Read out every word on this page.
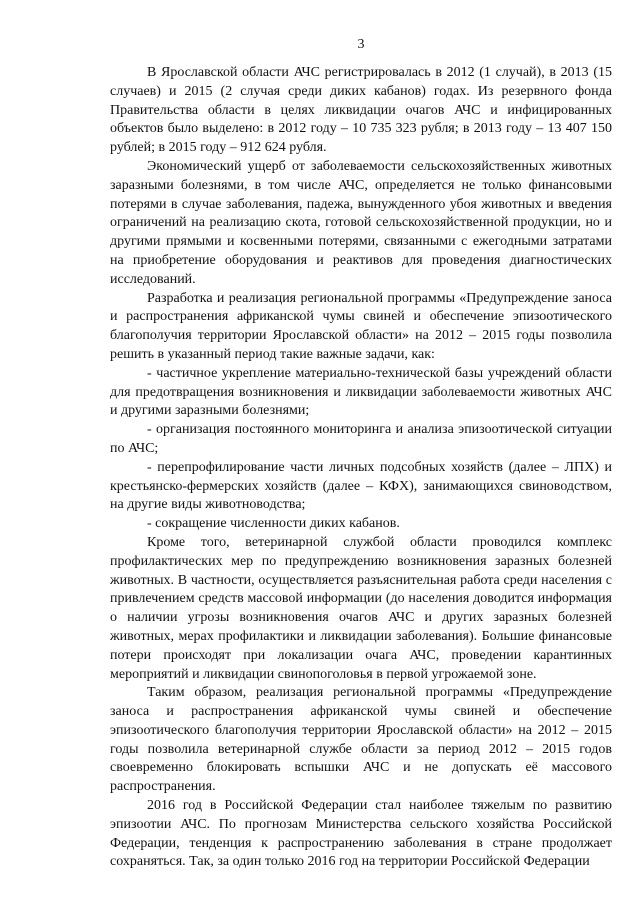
3

В Ярославской области АЧС регистрировалась в 2012 (1 случай), в 2013 (15 случаев) и 2015 (2 случая среди диких кабанов) годах. Из резервного фонда Правительства области в целях ликвидации очагов АЧС и инфицированных объектов было выделено: в 2012 году – 10 735 323 рубля; в 2013 году – 13 407 150 рублей; в 2015 году – 912 624 рубля.

Экономический ущерб от заболеваемости сельскохозяйственных животных заразными болезнями, в том числе АЧС, определяется не только финансовыми потерями в случае заболевания, падежа, вынужденного убоя животных и введения ограничений на реализацию скота, готовой сельскохозяйственной продукции, но и другими прямыми и косвенными потерями, связанными с ежегодными затратами на приобретение оборудования и реактивов для проведения диагностических исследований.

Разработка и реализация региональной программы «Предупреждение заноса и распространения африканской чумы свиней и обеспечение эпизоотического благополучия территории Ярославской области» на 2012 – 2015 годы позволила решить в указанный период такие важные задачи, как:

- частичное укрепление материально-технической базы учреждений области для предотвращения возникновения и ликвидации заболеваемости животных АЧС и другими заразными болезнями;

- организация постоянного мониторинга и анализа эпизоотической ситуации по АЧС;

- перепрофилирование части личных подсобных хозяйств (далее – ЛПХ) и крестьянско-фермерских хозяйств (далее – КФХ), занимающихся свиноводством, на другие виды животноводства;

- сокращение численности диких кабанов.

Кроме того, ветеринарной службой области проводился комплекс профилактических мер по предупреждению возникновения заразных болезней животных. В частности, осуществляется разъяснительная работа среди населения с привлечением средств массовой информации (до населения доводится информация о наличии угрозы возникновения очагов АЧС и других заразных болезней животных, мерах профилактики и ликвидации заболевания). Большие финансовые потери происходят при локализации очага АЧС, проведении карантинных мероприятий и ликвидации свинопоголовья в первой угрожаемой зоне.

Таким образом, реализация региональной программы «Предупреждение заноса и распространения африканской чумы свиней и обеспечение эпизоотического благополучия территории Ярославской области» на 2012 – 2015 годы позволила ветеринарной службе области за период 2012 – 2015 годов своевременно блокировать вспышки АЧС и не допускать её массового распространения.

2016 год в Российской Федерации стал наиболее тяжелым по развитию эпизоотии АЧС. По прогнозам Министерства сельского хозяйства Российской Федерации, тенденция к распространению заболевания в стране продолжает сохраняться. Так, за один только 2016 год на территории Российской Федерации
